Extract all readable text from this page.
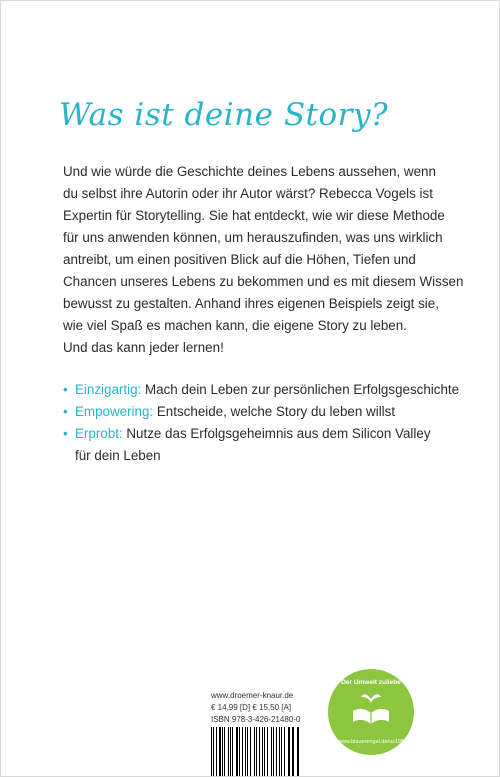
Was ist deine Story?
Und wie würde die Geschichte deines Lebens aussehen, wenn
du selbst ihre Autorin oder ihr Autor wärst? Rebecca Vogels ist
Expertin für Storytelling. Sie hat entdeckt, wie wir diese Methode
für uns anwenden können, um herauszufinden, was uns wirklich
antreibt, um einen positiven Blick auf die Höhen, Tiefen und
Chancen unseres Lebens zu bekommen und es mit diesem Wissen
bewusst zu gestalten. Anhand ihres eigenen Beispiels zeigt sie,
wie viel Spaß es machen kann, die eigene Story zu leben.
Und das kann jeder lernen!
• Einzigartig: Mach dein Leben zur persönlichen Erfolgsgeschichte
• Empowering: Entscheide, welche Story du leben willst
• Erprobt: Nutze das Erfolgsgeheimnis aus dem Silicon Valley
für dein Leben
www.droemer-knaur.de
€ 14,99 [D] € 15,50 [A]
ISBN 978-3-426-21480-0
Der Umwelt zuliebe
www.blauerengel.de/uz195
